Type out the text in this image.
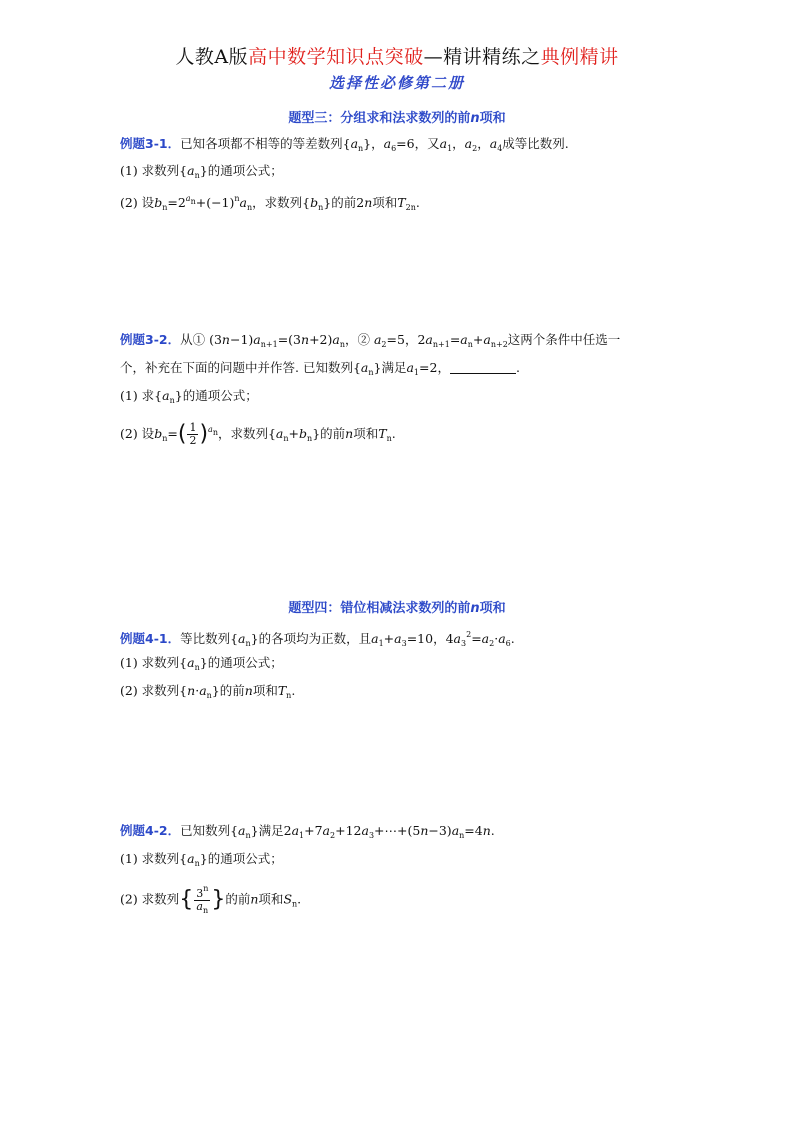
人教A版高中数学知识点突破—精讲精练之典例精讲
选择性必修第二册
题型三：分组求和法求数列的前n项和
例题3-1．已知各项都不相等的等差数列$\{a_n\}$，$a_6=6$，又$a_1$，$a_2$，$a_4$成等比数列.
(1) 求数列$\{a_n\}$的通项公式；
(2) 设$b_n=2^{a_n}+(-1)^na_n$，求数列$\{b_n\}$的前2n项和$T_{2n}$.
例题3-2．从① $(3n-1)a_{n+1}=(3n+2)a_n$，② $a_2=5$，$2a_{n+1}=a_n+a_{n+2}$这两个条件中任选一
个，补充在下面的问题中并作答. 已知数列$\{a_n\}$满足$a_1=2$，	.
(1) 求$\{a_n\}$的通项公式；
(2) 设$b_n=( \frac{1}{2} )^{a_n}$，求数列$\{a_n+b_n\}$的前n项和$T_n$.
题型四：错位相减法求数列的前n项和
例题4-1．等比数列$\{a_n\}$的各项均为正数，且$a_1+a_3=10$，$4a_3^2=a_2\cdot a_6$.
(1) 求数列$\{a_n\}$的通项公式；
(2) 求数列$\{n\cdot a_n\}$的前n项和$T_n$.
例题4-2．已知数列$\{a_n\}$满足$2a_1+7a_2+12a_3+\cdots+(5n-3)a_n=4n$.
(1) 求数列$\{a_n\}$的通项公式；
(2) 求数列{ $\frac{3^n}{a_n}$ }的前n项和$S_n$.
